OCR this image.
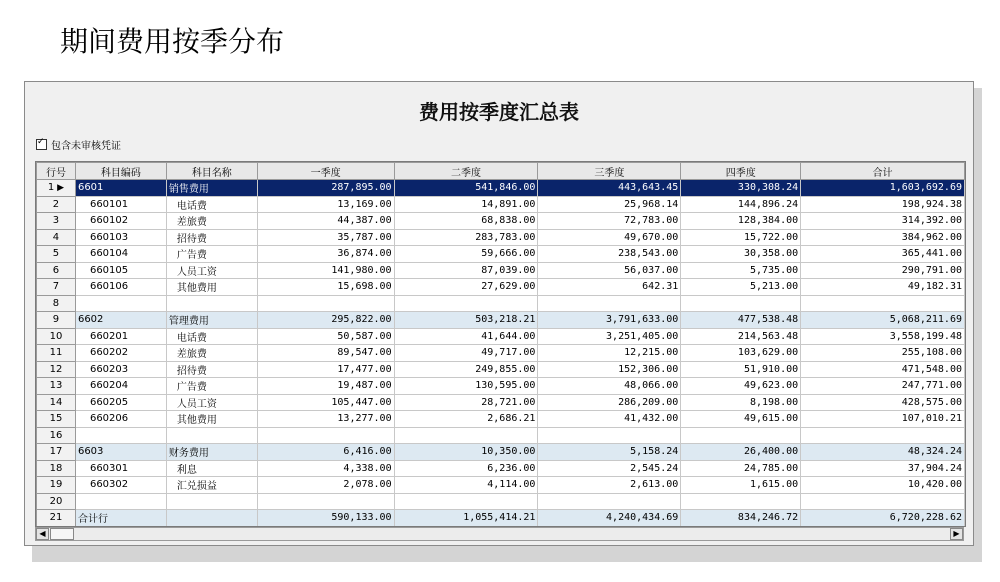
期间费用按季分布
费用按季度汇总表
✓
包含未审核凭证
行号	科目编码	科目名称	一季度	二季度	三季度	四季度	合计
1 ▶	6601	销售费用	287,895.00	541,846.00	443,643.45	330,308.24	1,603,692.69
2	660101	电话费	13,169.00	14,891.00	25,968.14	144,896.24	198,924.38
3	660102	差旅费	44,387.00	68,838.00	72,783.00	128,384.00	314,392.00
4	660103	招待费	35,787.00	283,783.00	49,670.00	15,722.00	384,962.00
5	660104	广告费	36,874.00	59,666.00	238,543.00	30,358.00	365,441.00
6	660105	人员工资	141,980.00	87,039.00	56,037.00	5,735.00	290,791.00
7	660106	其他费用	15,698.00	27,629.00	642.31	5,213.00	49,182.31
8							
9	6602	管理费用	295,822.00	503,218.21	3,791,633.00	477,538.48	5,068,211.69
10	660201	电话费	50,587.00	41,644.00	3,251,405.00	214,563.48	3,558,199.48
11	660202	差旅费	89,547.00	49,717.00	12,215.00	103,629.00	255,108.00
12	660203	招待费	17,477.00	249,855.00	152,306.00	51,910.00	471,548.00
13	660204	广告费	19,487.00	130,595.00	48,066.00	49,623.00	247,771.00
14	660205	人员工资	105,447.00	28,721.00	286,209.00	8,198.00	428,575.00
15	660206	其他费用	13,277.00	2,686.21	41,432.00	49,615.00	107,010.21
16							
17	6603	财务费用	6,416.00	10,350.00	5,158.24	26,400.00	48,324.24
18	660301	利息	4,338.00	6,236.00	2,545.24	24,785.00	37,904.24
19	660302	汇兑损益	2,078.00	4,114.00	2,613.00	1,615.00	10,420.00
20							
21	合计行		590,133.00	1,055,414.21	4,240,434.69	834,246.72	6,720,228.62
◀	▶
